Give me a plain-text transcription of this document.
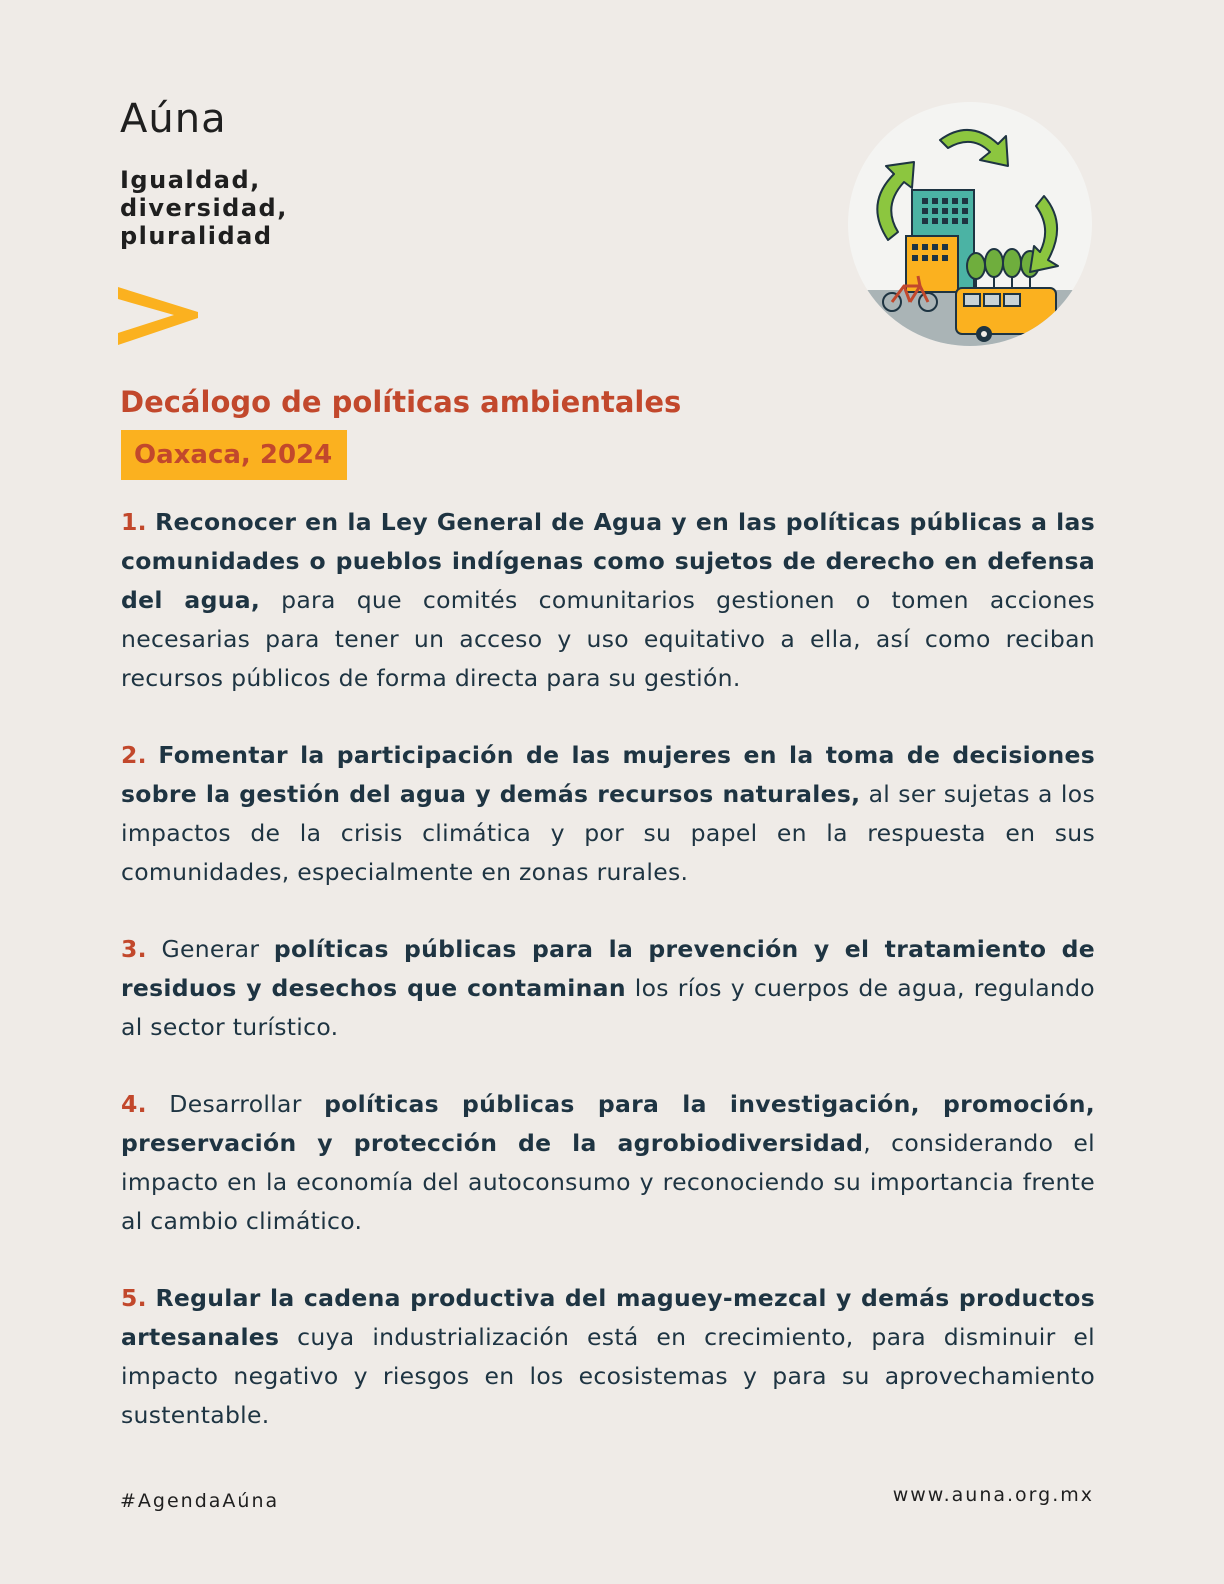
Aúna
Igualdad,
diversidad,
pluralidad
Decálogo de políticas ambientales
Oaxaca, 2024

1. Reconocer en la Ley General de Agua y en las políticas públicas a las comunidades o pueblos indígenas como sujetos de derecho en defensa del agua, para que comités comunitarios gestionen o tomen acciones necesarias para tener un acceso y uso equitativo a ella, así como reciban recursos públicos de forma directa para su gestión.

2. Fomentar la participación de las mujeres en la toma de decisiones sobre la gestión del agua y demás recursos naturales, al ser sujetas a los impactos de la crisis climática y por su papel en la respuesta en sus comunidades, especialmente en zonas rurales.

3. Generar políticas públicas para la prevención y el tratamiento de residuos y desechos que contaminan los ríos y cuerpos de agua, regulando al sector turístico.

4. Desarrollar políticas públicas para la investigación, promoción, preservación y protección de la agrobiodiversidad, considerando el impacto en la economía del autoconsumo y reconociendo su importancia frente al cambio climático.

5. Regular la cadena productiva del maguey-mezcal y demás productos artesanales cuya industrialización está en crecimiento, para disminuir el impacto negativo y riesgos en los ecosistemas y para su aprovechamiento sustentable.

#AgendaAúna	www.auna.org.mx
